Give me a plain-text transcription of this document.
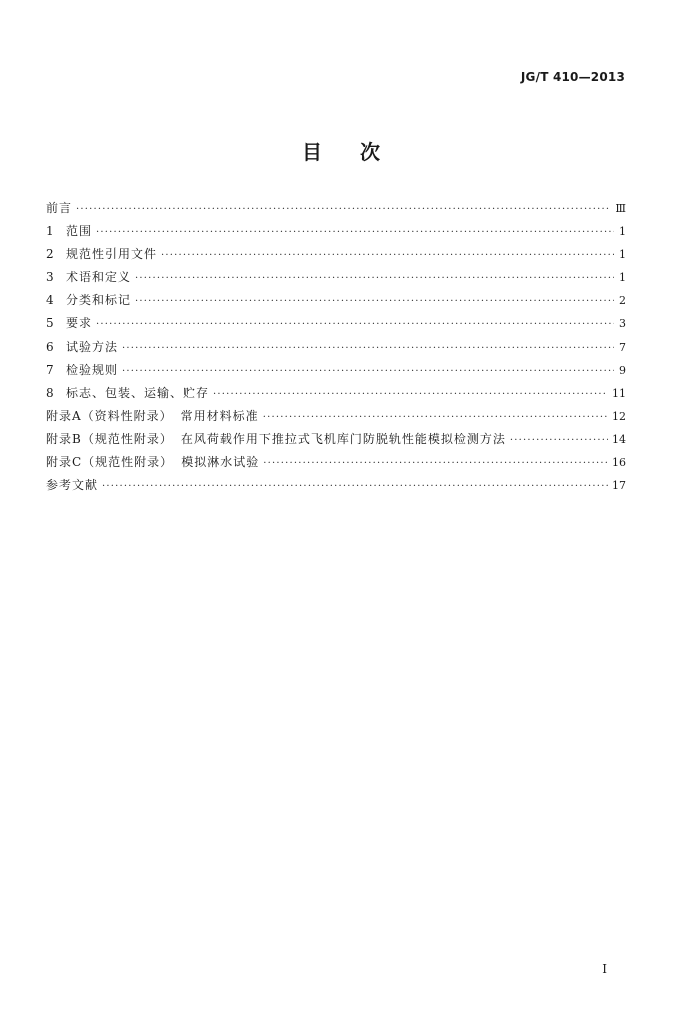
JG/T 410—2013
目次
前言 ·····	Ⅲ
1	范围 ·····	1
2	规范性引用文件 ·····	1
3	术语和定义 ·····	1
4	分类和标记 ·····	2
5	要求 ·····	3
6	试验方法 ·····	7
7	检验规则 ·····	9
8	标志、包装、运输、贮存 ·····	11
附录A（资料性附录） 常用材料标准 ·····	12
附录B（规范性附录） 在风荷载作用下推拉式飞机库门防脱轨性能模拟检测方法 ·····	14
附录C（规范性附录） 模拟淋水试验 ·····	16
参考文献 ·····	17
Ⅰ
